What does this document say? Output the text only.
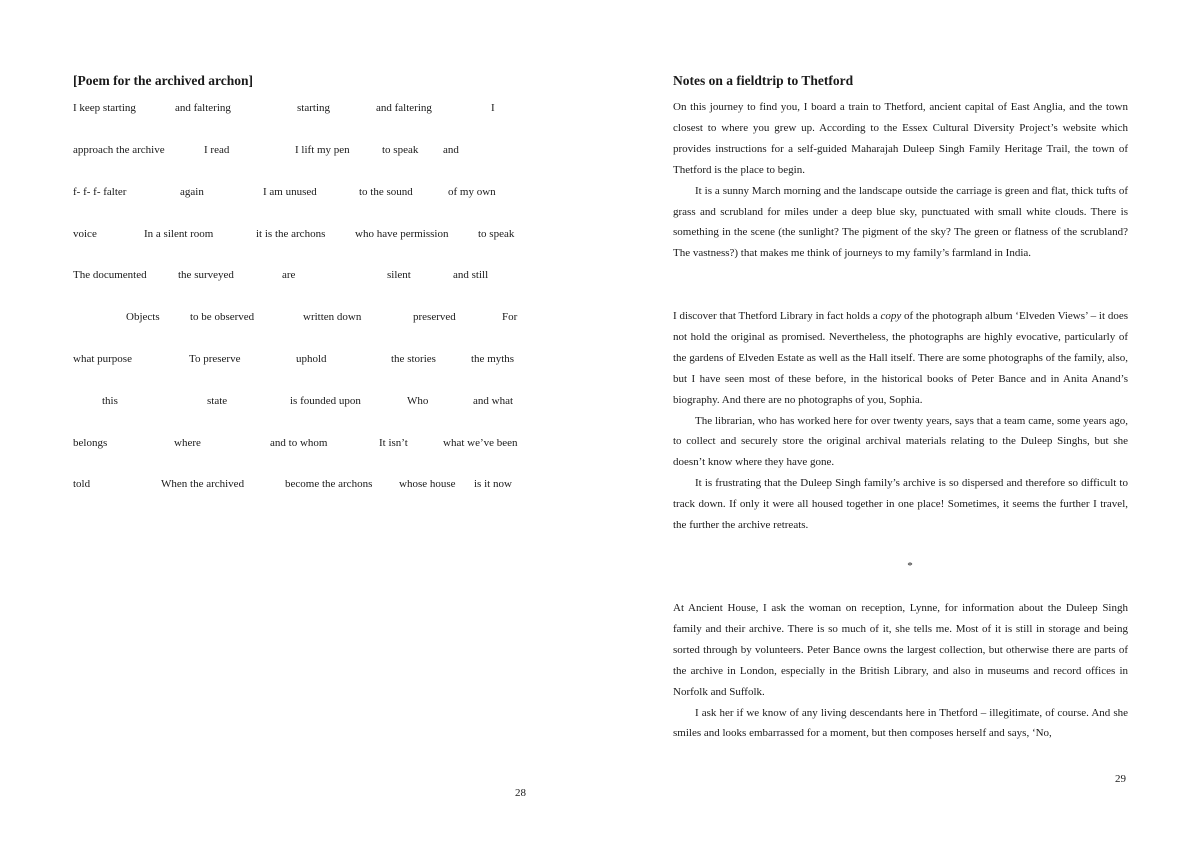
[Poem for the archived archon]
I keep starting	and faltering	starting	and faltering	I
approach the archive	I read	I lift my pen	to speak and
f- f- f- falter	again	I am unused	to the sound	of my own
voice	In a silent room	it is the archons	who have permission	to speak
The documented	the surveyed	are	silent	and still
Objects	to be observed	written down	preserved	For
what purpose	To preserve	uphold	the stories	the myths
this	state	is founded upon	Who	and what
belongs	where	and to whom	It isn’t	what we’ve been
told	When the archived	become the archons whose house is it now
28
Notes on a fieldtrip to Thetford

On this journey to find you, I board a train to Thetford, ancient capital of East Anglia, and the town closest to where you grew up. According to the Essex Cultural Diversity Project’s website which provides instructions for a self-guided Maharajah Duleep Singh Family Heritage Trail, the town of Thetford is the place to begin.

It is a sunny March morning and the landscape outside the carriage is green and flat, thick tufts of grass and scrubland for miles under a deep blue sky, punctuated with small white clouds. There is something in the scene (the sunlight? The pigment of the sky? The green or flatness of the scrubland? The vastness?) that makes me think of journeys to my family’s farmland in India.

I discover that Thetford Library in fact holds a copy of the photograph album ‘Elveden Views’ – it does not hold the original as promised. Nevertheless, the photographs are highly evocative, particularly of the gardens of Elveden Estate as well as the Hall itself. There are some photographs of the family, also, but I have seen most of these before, in the historical books of Peter Bance and in Anita Anand’s biography. And there are no photographs of you, Sophia.

The librarian, who has worked here for over twenty years, says that a team came, some years ago, to collect and securely store the original archival materials relating to the Duleep Singhs, but she doesn’t know where they have gone.

It is frustrating that the Duleep Singh family’s archive is so dispersed and therefore so difficult to track down. If only it were all housed together in one place! Sometimes, it seems the further I travel, the further the archive retreats.

*

At Ancient House, I ask the woman on reception, Lynne, for information about the Duleep Singh family and their archive. There is so much of it, she tells me. Most of it is still in storage and being sorted through by volunteers. Peter Bance owns the largest collection, but otherwise there are parts of the archive in London, especially in the British Library, and also in museums and record offices in Norfolk and Suffolk.

I ask her if we know of any living descendants here in Thetford – illegitimate, of course. And she smiles and looks embarrassed for a moment, but then composes herself and says, ‘No,

29
